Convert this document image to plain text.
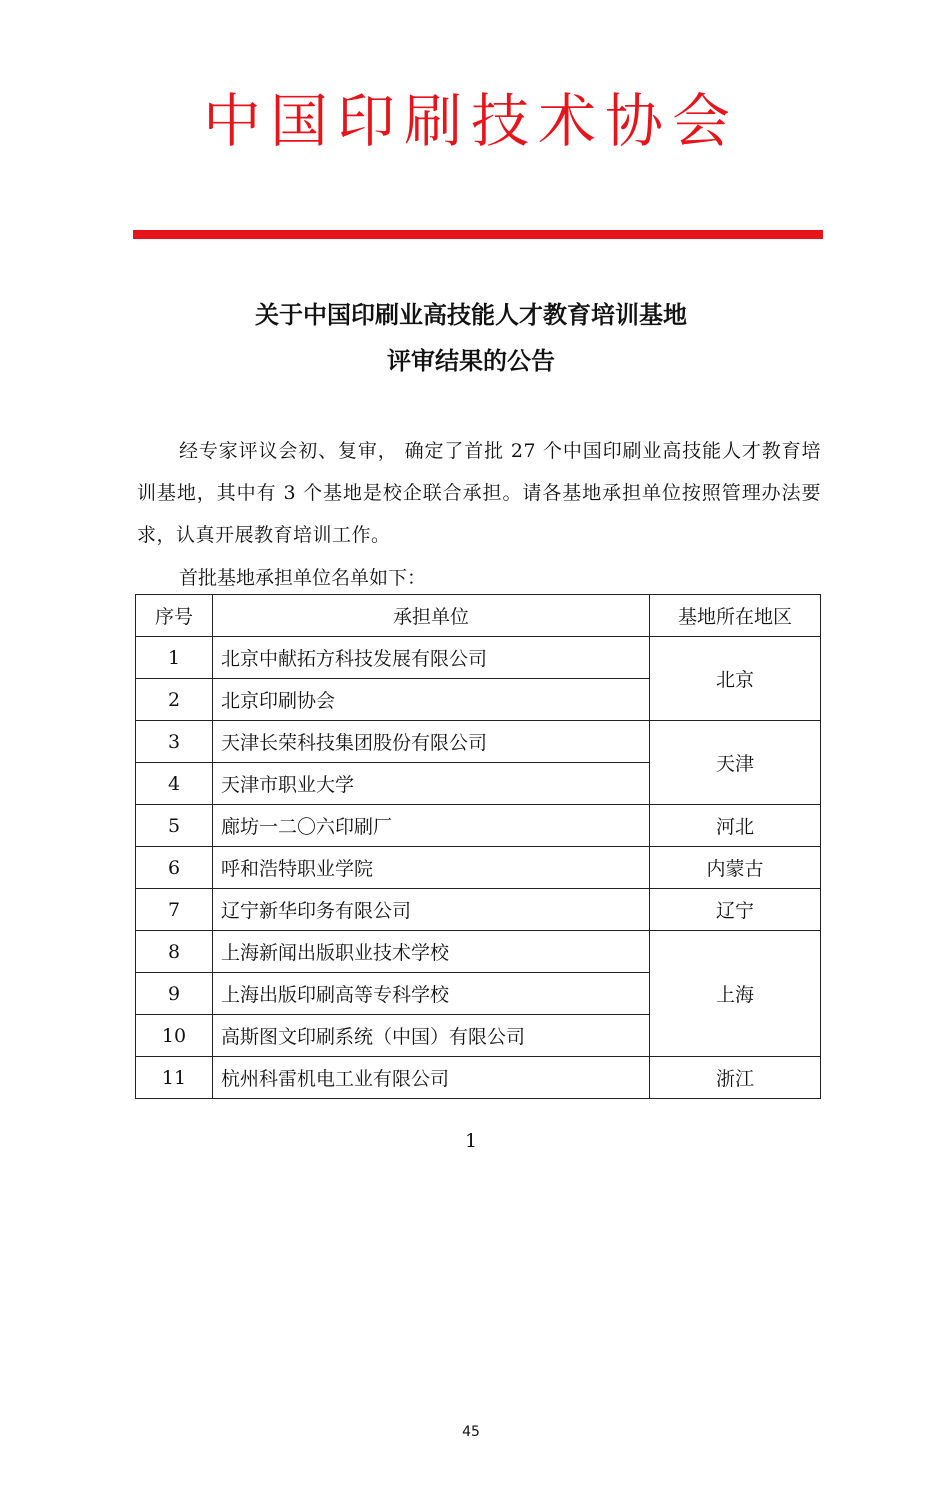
中国印刷技术协会
关于中国印刷业高技能人才教育培训基地
评审结果的公告

经专家评议会初、复审， 确定了首批 27 个中国印刷业高技能人才教育培训基地，其中有 3 个基地是校企联合承担。请各基地承担单位按照管理办法要求，认真开展教育培训工作。

首批基地承担单位名单如下：
序号	承担单位	基地所在地区
1	北京中献拓方科技发展有限公司	北京
2	北京印刷协会	
3	天津长荣科技集团股份有限公司	天津
4	天津市职业大学	
5	廊坊一二〇六印刷厂	河北
6	呼和浩特职业学院	内蒙古
7	辽宁新华印务有限公司	辽宁
8	上海新闻出版职业技术学校	上海
9	上海出版印刷高等专科学校	
10	高斯图文印刷系统（中国）有限公司	
11	杭州科雷机电工业有限公司	浙江
1
45
